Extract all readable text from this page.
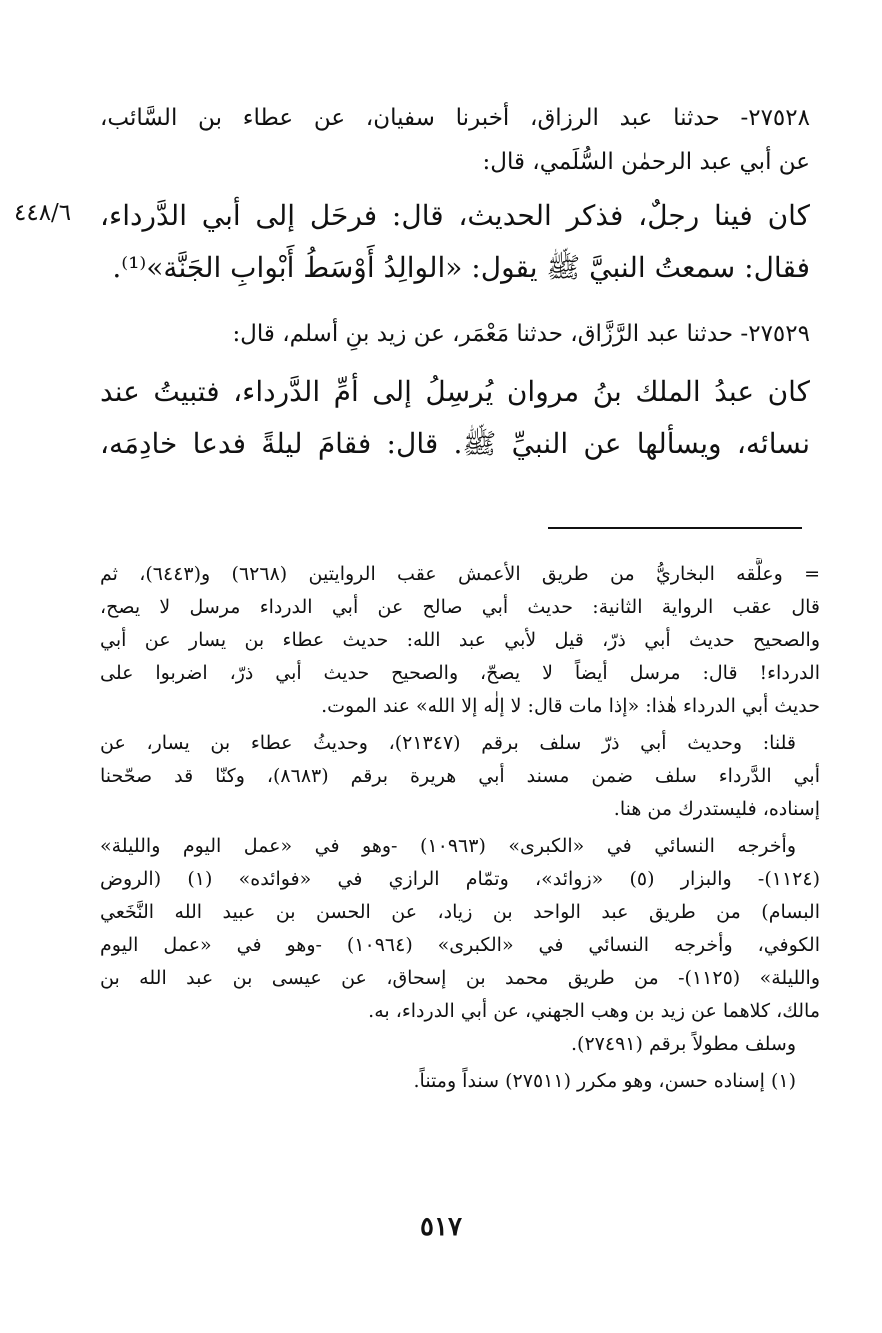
٢٧٥٢٨- حدثنا عبد الرزاق، أخبرنا سفيان، عن عطاء بن السَّائب،
عن أبي عبد الرحمٰن السُّلَمي، قال:
كان فينا رجلٌ، فذكر الحديث، قال: فرحَل إلى أبي الدَّرداء،
فقال: سمعتُ النبيَّ ﷺ يقول: «الوالِدُ أَوْسَطُ أَبْوابِ الجَنَّة»⁽¹⁾.
٤٤٨/٦
٢٧٥٢٩- حدثنا عبد الرَّزَّاق، حدثنا مَعْمَر، عن زيد بنِ أسلم، قال:
كان عبدُ الملك بنُ مروان يُرسِلُ إلى أمِّ الدَّرداء، فتبيتُ عند
نسائه، ويسألها عن النبيِّ ﷺ. قال: فقامَ ليلةً فدعا خادِمَه،
= وعلَّقه البخاريُّ من طريق الأعمش عقب الروايتين (٦٢٦٨) و(٦٤٤٣)، ثم
قال عقب الرواية الثانية: حديث أبي صالح عن أبي الدرداء مرسل لا يصح،
والصحيح حديث أبي ذرّ، قيل لأبي عبد الله: حديث عطاء بن يسار عن أبي
الدرداء! قال: مرسل أيضاً لا يصحّ، والصحيح حديث أبي ذرّ، اضربوا على
حديث أبي الدرداء هٰذا: «إذا مات قال: لا إلٰه إلا الله» عند الموت.
قلنا: وحديث أبي ذرّ سلف برقم (٢١٣٤٧)، وحديثُ عطاء بن يسار، عن
أبي الدَّرداء سلف ضمن مسند أبي هريرة برقم (٨٦٨٣)، وكنّا قد صحّحنا
إسناده، فليستدرك من هنا.
وأخرجه النسائي في «الكبرى» (١٠٩٦٣) -وهو في «عمل اليوم والليلة»
(١١٢٤)- والبزار (٥) «زوائد»، وتمّام الرازي في «فوائده» (١) (الروض
البسام) من طريق عبد الواحد بن زياد، عن الحسن بن عبيد الله النَّخَعي
الكوفي، وأخرجه النسائي في «الكبرى» (١٠٩٦٤) -وهو في «عمل اليوم
والليلة» (١١٢٥)- من طريق محمد بن إسحاق، عن عيسى بن عبد الله بن
مالك، كلاهما عن زيد بن وهب الجهني، عن أبي الدرداء، به.
وسلف مطولاً برقم (٢٧٤٩١).
(١) إسناده حسن، وهو مكرر (٢٧٥١١) سنداً ومتناً.
٥١٧
